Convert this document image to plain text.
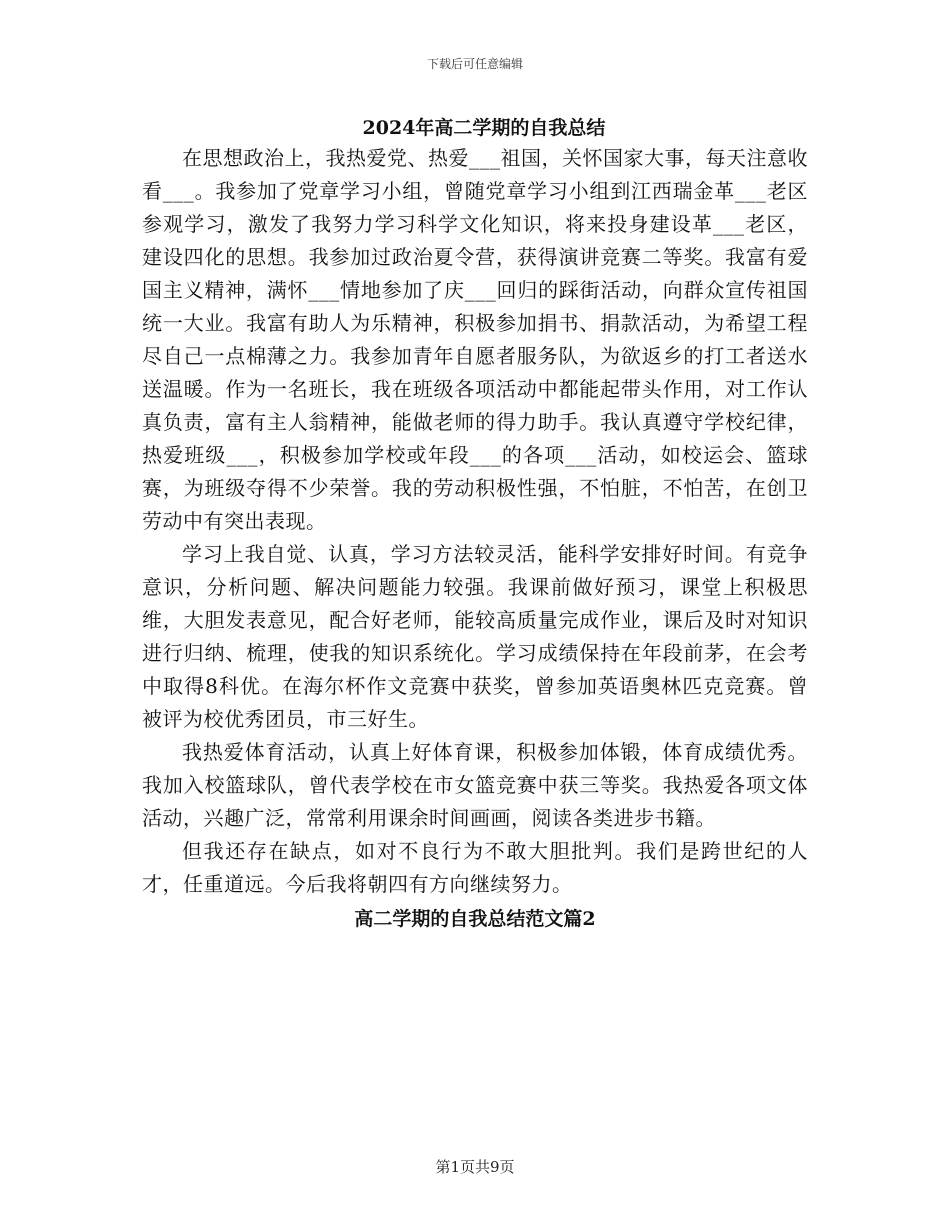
下载后可任意编辑
2024年高二学期的自我总结

在思想政治上，我热爱党、热爱___祖国，关怀国家大事，每天注意收看___。我参加了党章学习小组，曾随党章学习小组到江西瑞金革___老区参观学习，激发了我努力学习科学文化知识，将来投身建设革___老区，建设四化的思想。我参加过政治夏令营，获得演讲竞赛二等奖。我富有爱国主义精神，满怀___情地参加了庆___回归的踩街活动，向群众宣传祖国统一大业。我富有助人为乐精神，积极参加捐书、捐款活动，为希望工程尽自己一点棉薄之力。我参加青年自愿者服务队，为欲返乡的打工者送水送温暖。作为一名班长，我在班级各项活动中都能起带头作用，对工作认真负责，富有主人翁精神，能做老师的得力助手。我认真遵守学校纪律，热爱班级___，积极参加学校或年段___的各项___活动，如校运会、篮球赛，为班级夺得不少荣誉。我的劳动积极性强，不怕脏，不怕苦，在创卫劳动中有突出表现。

学习上我自觉、认真，学习方法较灵活，能科学安排好时间。有竞争意识，分析问题、解决问题能力较强。我课前做好预习，课堂上积极思维，大胆发表意见，配合好老师，能较高质量完成作业，课后及时对知识进行归纳、梳理，使我的知识系统化。学习成绩保持在年段前茅，在会考中取得8科优。在海尔杯作文竞赛中获奖，曾参加英语奥林匹克竞赛。曾被评为校优秀团员，市三好生。

我热爱体育活动，认真上好体育课，积极参加体锻，体育成绩优秀。我加入校篮球队，曾代表学校在市女篮竞赛中获三等奖。我热爱各项文体活动，兴趣广泛，常常利用课余时间画画，阅读各类进步书籍。

但我还存在缺点，如对不良行为不敢大胆批判。我们是跨世纪的人才，任重道远。今后我将朝四有方向继续努力。

高二学期的自我总结范文篇2
第1页共9页
